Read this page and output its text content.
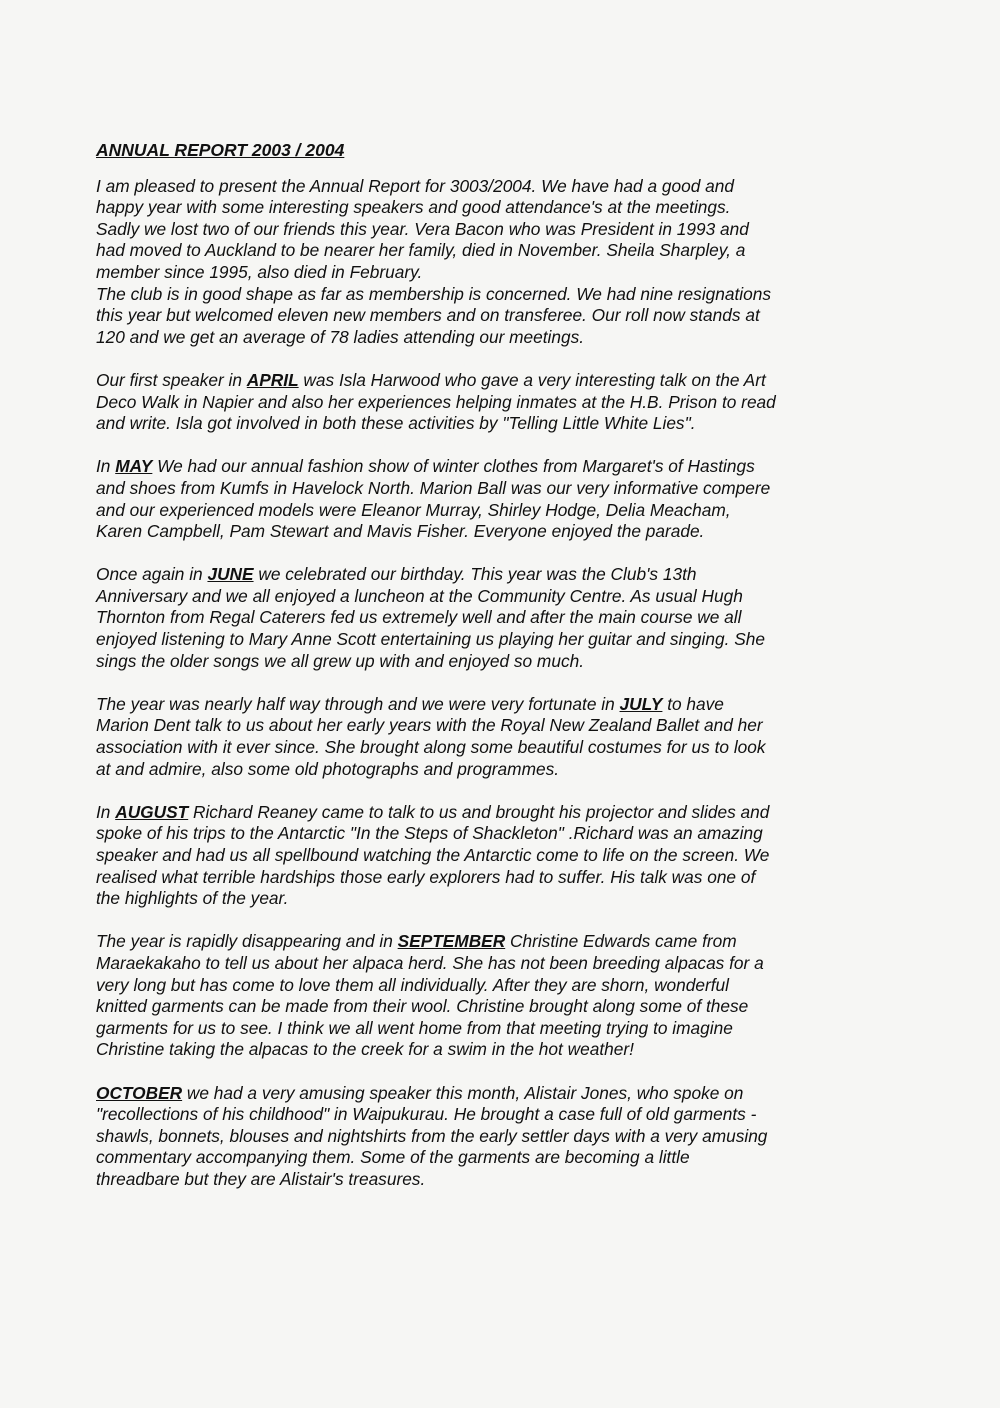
ANNUAL REPORT 2003 / 2004
I am pleased to present the Annual Report for 3003/2004. We have had a good and
happy year with some interesting speakers and good attendance's at the meetings.
Sadly we lost two of our friends this year. Vera Bacon who was President in 1993 and
had moved to Auckland to be nearer her family, died in November. Sheila Sharpley, a
member since 1995, also died in February.
The club is in good shape as far as membership is concerned. We had nine resignations
this year but welcomed eleven new members and on transferee. Our roll now stands at
120 and we get an average of 78 ladies attending our meetings.
Our first speaker in APRIL was Isla Harwood who gave a very interesting talk on the Art
Deco Walk in Napier and also her experiences helping inmates at the H.B. Prison to read
and write. Isla got involved in both these activities by "Telling Little White Lies".
In MAY We had our annual fashion show of winter clothes from Margaret's of Hastings
and shoes from Kumfs in Havelock North. Marion Ball was our very informative compere
and our experienced models were Eleanor Murray, Shirley Hodge, Delia Meacham,
Karen Campbell, Pam Stewart and Mavis Fisher. Everyone enjoyed the parade.
Once again in JUNE we celebrated our birthday. This year was the Club's 13th
Anniversary and we all enjoyed a luncheon at the Community Centre. As usual Hugh
Thornton from Regal Caterers fed us extremely well and after the main course we all
enjoyed listening to Mary Anne Scott entertaining us playing her guitar and singing. She
sings the older songs we all grew up with and enjoyed so much.
The year was nearly half way through and we were very fortunate in JULY to have
Marion Dent talk to us about her early years with the Royal New Zealand Ballet and her
association with it ever since. She brought along some beautiful costumes for us to look
at and admire, also some old photographs and programmes.
In AUGUST Richard Reaney came to talk to us and brought his projector and slides and
spoke of his trips to the Antarctic "In the Steps of Shackleton" .Richard was an amazing
speaker and had us all spellbound watching the Antarctic come to life on the screen. We
realised what terrible hardships those early explorers had to suffer. His talk was one of
the highlights of the year.
The year is rapidly disappearing and in SEPTEMBER Christine Edwards came from
Maraekakaho to tell us about her alpaca herd. She has not been breeding alpacas for a
very long but has come to love them all individually. After they are shorn, wonderful
knitted garments can be made from their wool. Christine brought along some of these
garments for us to see. I think we all went home from that meeting trying to imagine
Christine taking the alpacas to the creek for a swim in the hot weather!
OCTOBER we had a very amusing speaker this month, Alistair Jones, who spoke on
"recollections of his childhood" in Waipukurau. He brought a case full of old garments -
shawls, bonnets, blouses and nightshirts from the early settler days with a very amusing
commentary accompanying them. Some of the garments are becoming a little
threadbare but they are Alistair's treasures.
